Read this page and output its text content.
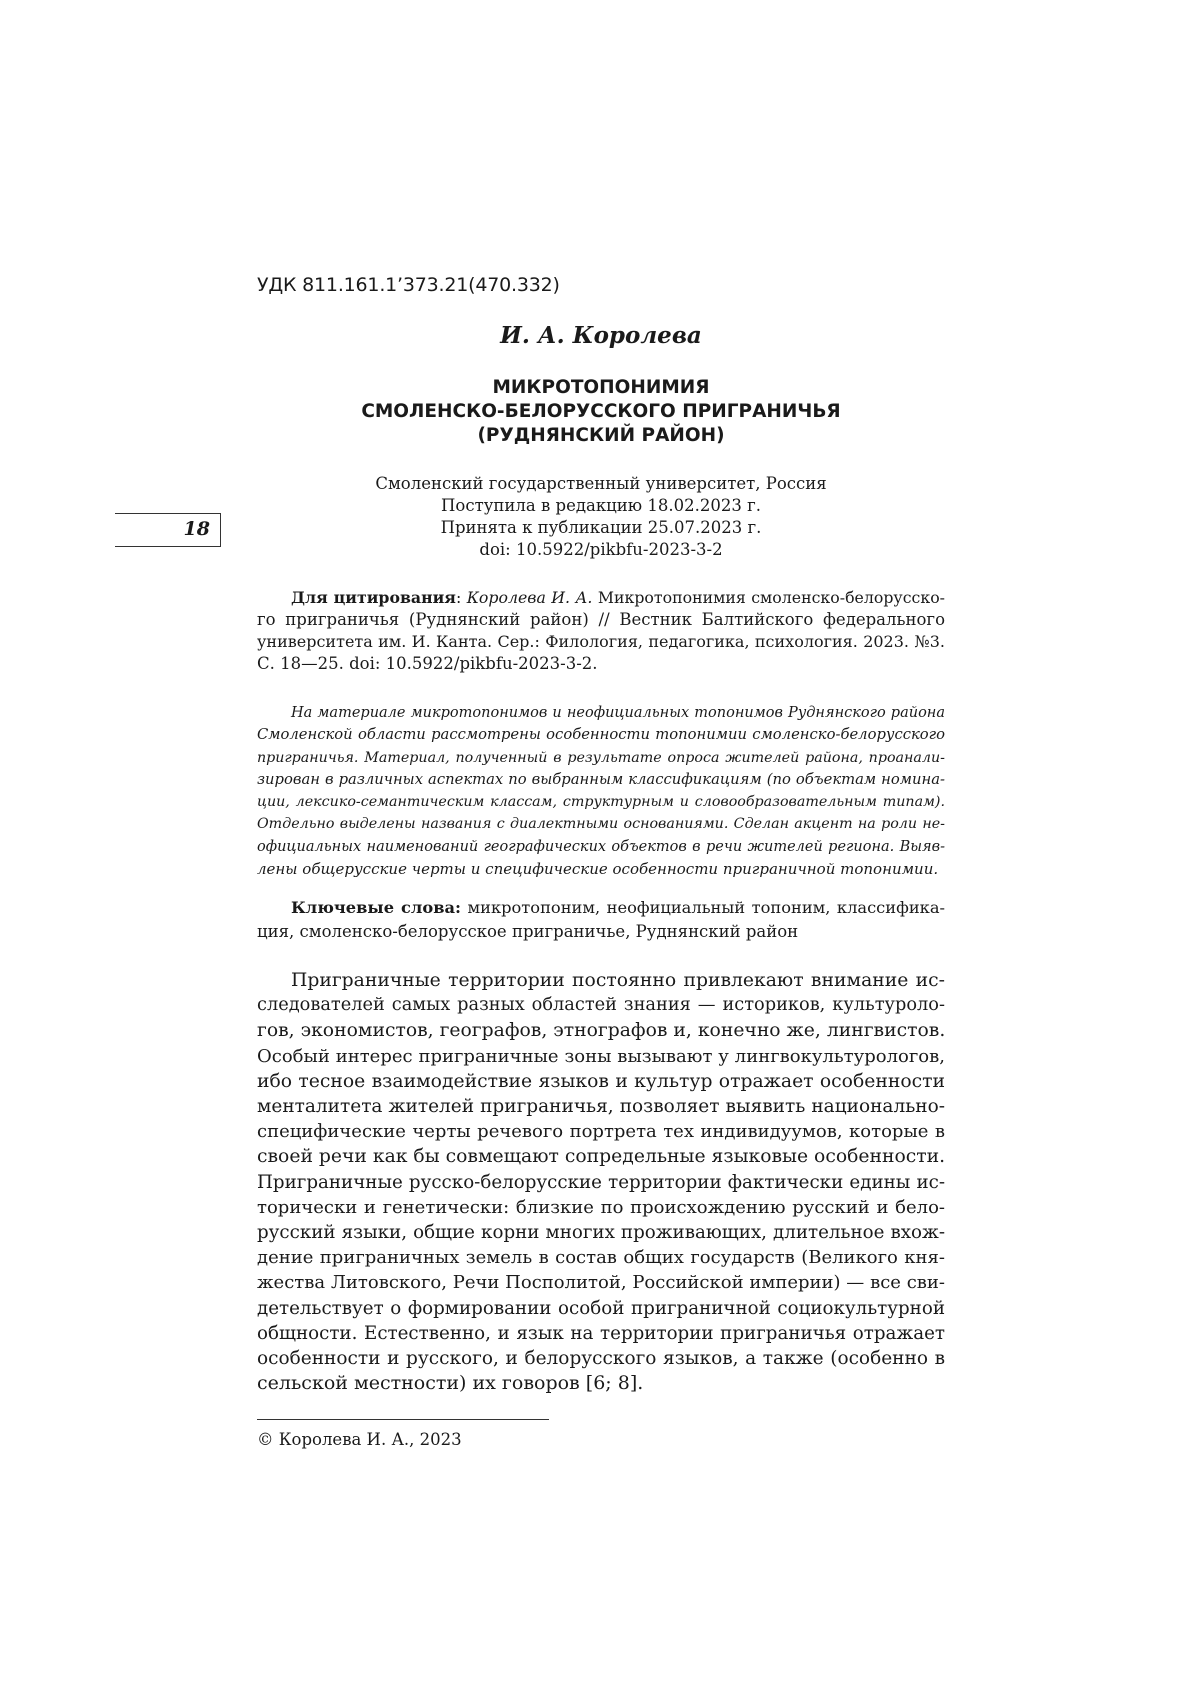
УДК 811.161.1’373.21(470.332)
И. А. Королева
МИКРОТОПОНИМИЯ
СМОЛЕНСКО-БЕЛОРУССКОГО ПРИГРАНИЧЬЯ
(РУДНЯНСКИЙ РАЙОН)
Смоленский государственный университет, Россия
Поступила в редакцию 18.02.2023 г.
Принята к публикации 25.07.2023 г.
doi: 10.5922/pikbfu-2023-3-2
18
Для цитирования: Королева И. А. Микротопонимия смоленско-белорусско-
го приграничья (Руднянский район) // Вестник Балтийского федерального
университета им. И. Канта. Сер.: Филология, педагогика, психология. 2023. №3.
С. 18—25. doi: 10.5922/pikbfu-2023-3-2.
На материале микротопонимов и неофициальных топонимов Руднянского района
Смоленской области рассмотрены особенности топонимии смоленско-белорусского
приграничья. Материал, полученный в результате опроса жителей района, проанали-
зирован в различных аспектах по выбранным классификациям (по объектам номина-
ции, лексико-семантическим классам, структурным и словообразовательным типам).
Отдельно выделены названия с диалектными основаниями. Сделан акцент на роли не-
официальных наименований географических объектов в речи жителей региона. Выяв-
лены общерусские черты и специфические особенности приграничной топонимии.
Ключевые слова: микротопоним, неофициальный топоним, классифика-
ция, смоленско-белорусское приграничье, Руднянский район
Приграничные территории постоянно привлекают внимание ис-
следователей самых разных областей знания — историков, культуроло-
гов, экономистов, географов, этнографов и, конечно же, лингвистов.
Особый интерес приграничные зоны вызывают у лингвокультурологов,
ибо тесное взаимодействие языков и культур отражает особенности
менталитета жителей приграничья, позволяет выявить национально-
специфические черты речевого портрета тех индивидуумов, которые в
своей речи как бы совмещают сопредельные языковые особенности.
Приграничные русско-белорусские территории фактически едины ис-
торически и генетически: близкие по происхождению русский и бело-
русский языки, общие корни многих проживающих, длительное вхож-
дение приграничных земель в состав общих государств (Великого кня-
жества Литовского, Речи Посполитой, Российской империи) — все сви-
детельствует о формировании особой приграничной социокультурной
общности. Естественно, и язык на территории приграничья отражает
особенности и русского, и белорусского языков, а также (особенно в
сельской местности) их говоров [6; 8].
© Королева И. А., 2023
